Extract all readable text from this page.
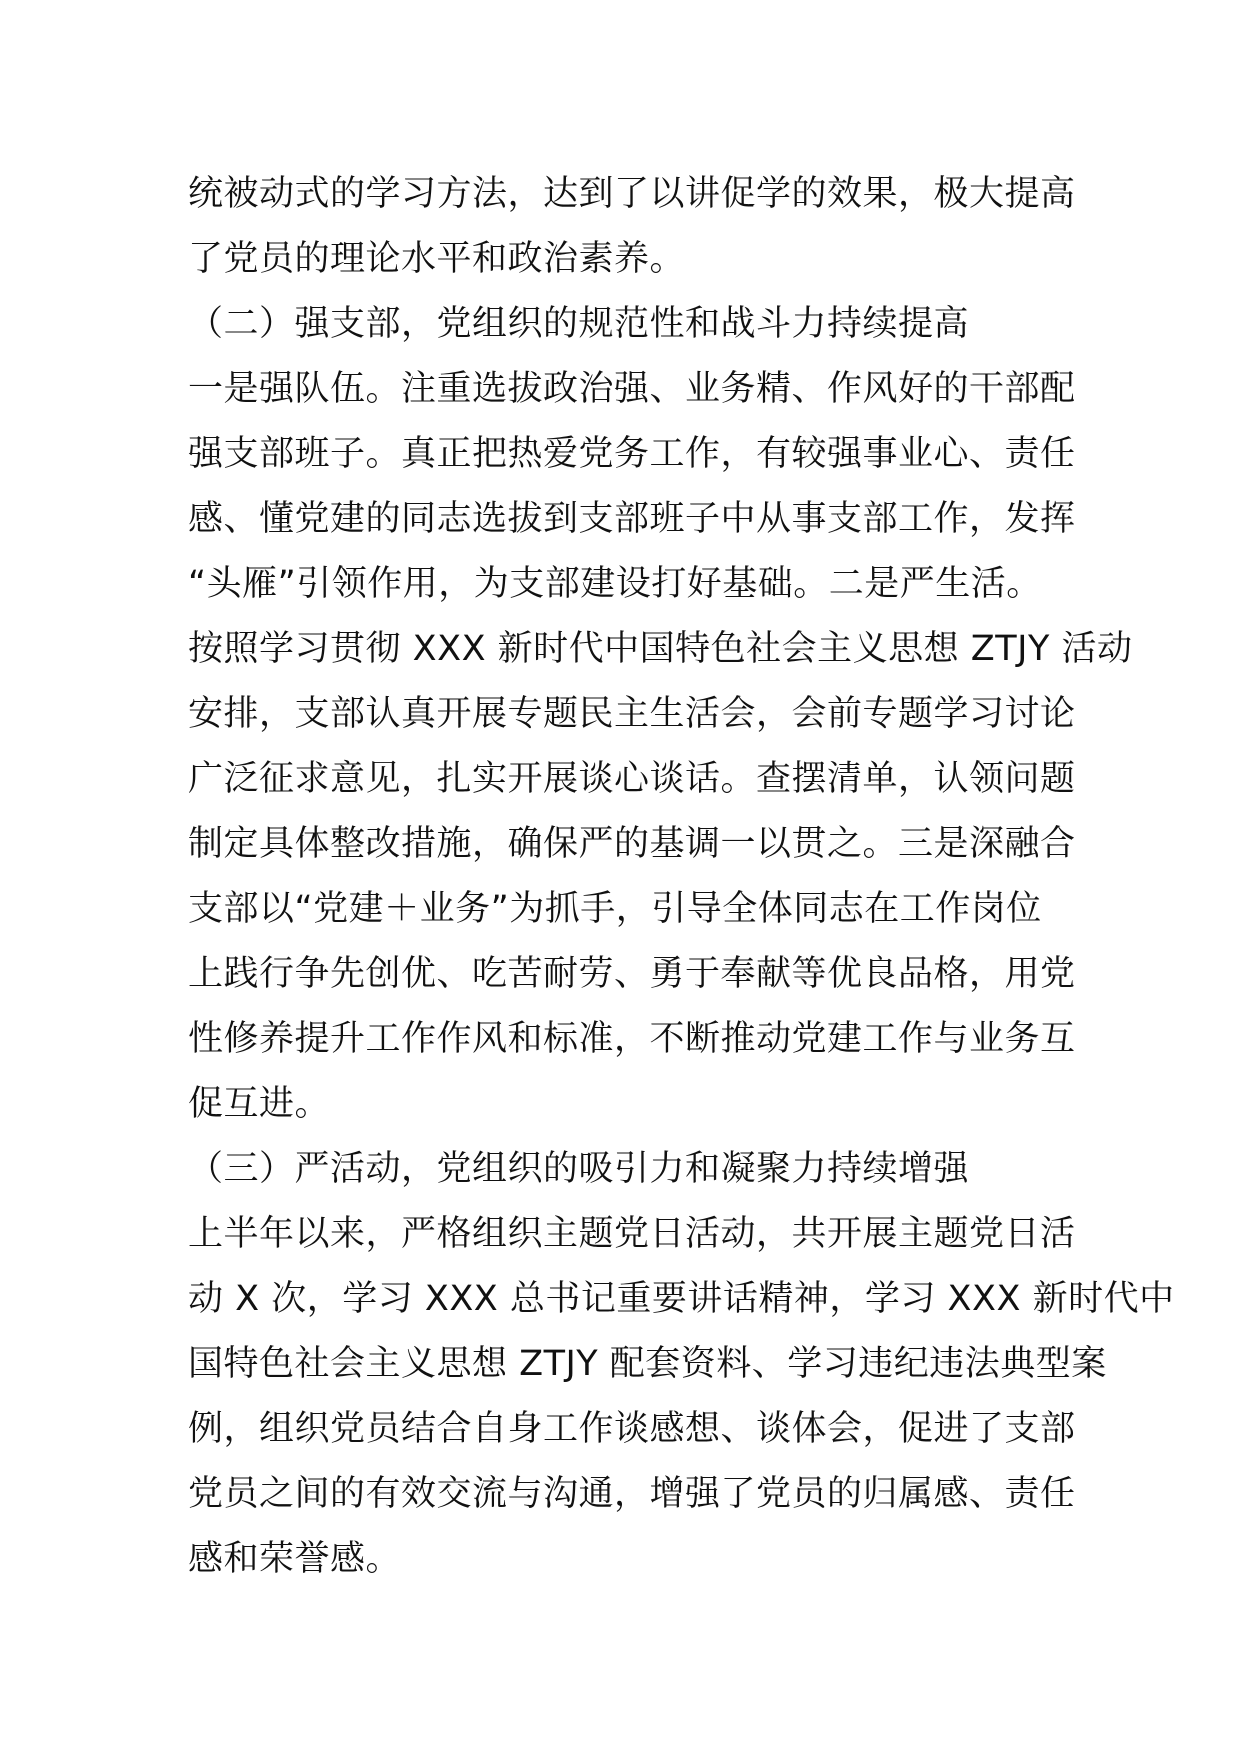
统被动式的学习方法，达到了以讲促学的效果，极大提高
了党员的理论水平和政治素养。
（二）强支部，党组织的规范性和战斗力持续提高
一是强队伍。注重选拔政治强、业务精、作风好的干部配
强支部班子。真正把热爱党务工作，有较强事业心、责任
感、懂党建的同志选拔到支部班子中从事支部工作，发挥
“头雁”引领作用，为支部建设打好基础。二是严生活。
按照学习贯彻 XXX 新时代中国特色社会主义思想 ZTJY 活动
安排，支部认真开展专题民主生活会，会前专题学习讨论
广泛征求意见，扎实开展谈心谈话。查摆清单，认领问题
制定具体整改措施，确保严的基调一以贯之。三是深融合
支部以“党建＋业务”为抓手，引导全体同志在工作岗位
上践行争先创优、吃苦耐劳、勇于奉献等优良品格，用党
性修养提升工作作风和标准，不断推动党建工作与业务互
促互进。
（三）严活动，党组织的吸引力和凝聚力持续增强
上半年以来，严格组织主题党日活动，共开展主题党日活
动 X 次，学习 XXX 总书记重要讲话精神，学习 XXX 新时代中
国特色社会主义思想 ZTJY 配套资料、学习违纪违法典型案
例，组织党员结合自身工作谈感想、谈体会，促进了支部
党员之间的有效交流与沟通，增强了党员的归属感、责任
感和荣誉感。
